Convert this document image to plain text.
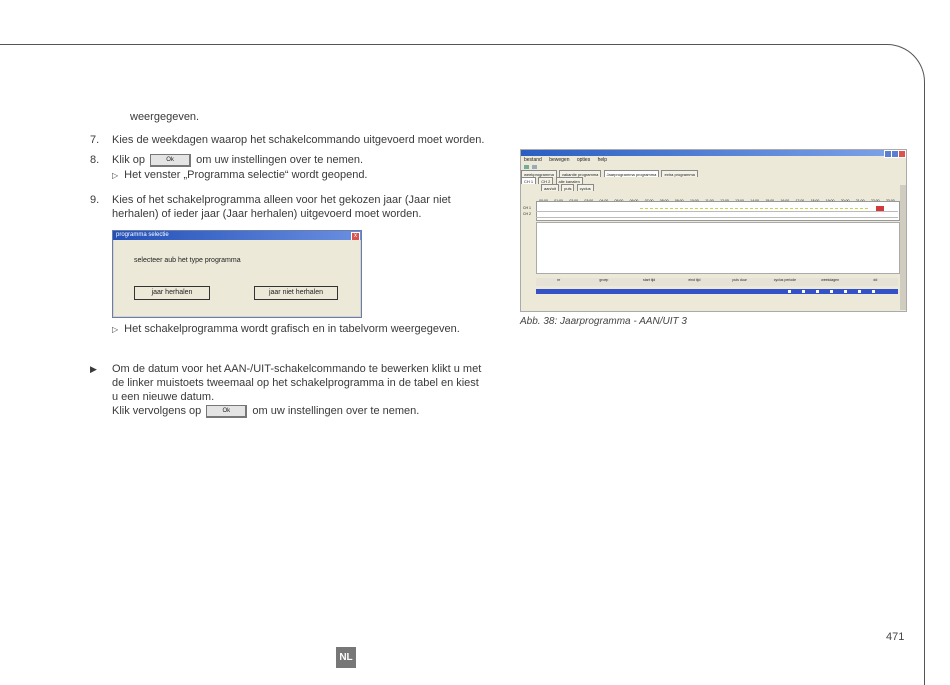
weergegeven.
7. Kies de weekdagen waarop het schakelcommando uitgevoerd moet worden.
8. Klik op	Ok om uw instellingen over te nemen.
▷ Het venster „Programma selectie“ wordt geopend.
9. Kies of het schakelprogramma alleen voor het gekozen jaar (Jaar niet
herhalen) of ieder jaar (Jaar herhalen) uitgevoerd moet worden.
programma selectie	x
selecteer aub het type programma
jaar herhalen	jaar niet herhalen
▷ Het schakelprogramma wordt grafisch en in tabelvorm weergegeven.
▶ Om de datum voor het AAN-/UIT-schakelcommando te bewerken klikt u met
de linker muistoets tweemaal op het schakelprogramma in de tabel en kiest
u een nieuwe datum.
Klik vervolgens op	Ok om uw instellingen over te nemen.
bestand bewegen opties help

weekprogramma vakantie programma Jaarprogramma programma extra programma
CH 1 CH 2 alle kanalen
aan/uit puls cyclus
CH 1
CH 2
nr	groep	start tijd	eind tijd	puls duur	cyclus periode	weekdagen	dd
Abb. 38: Jaarprogramma - AAN/UIT 3
471
NL
